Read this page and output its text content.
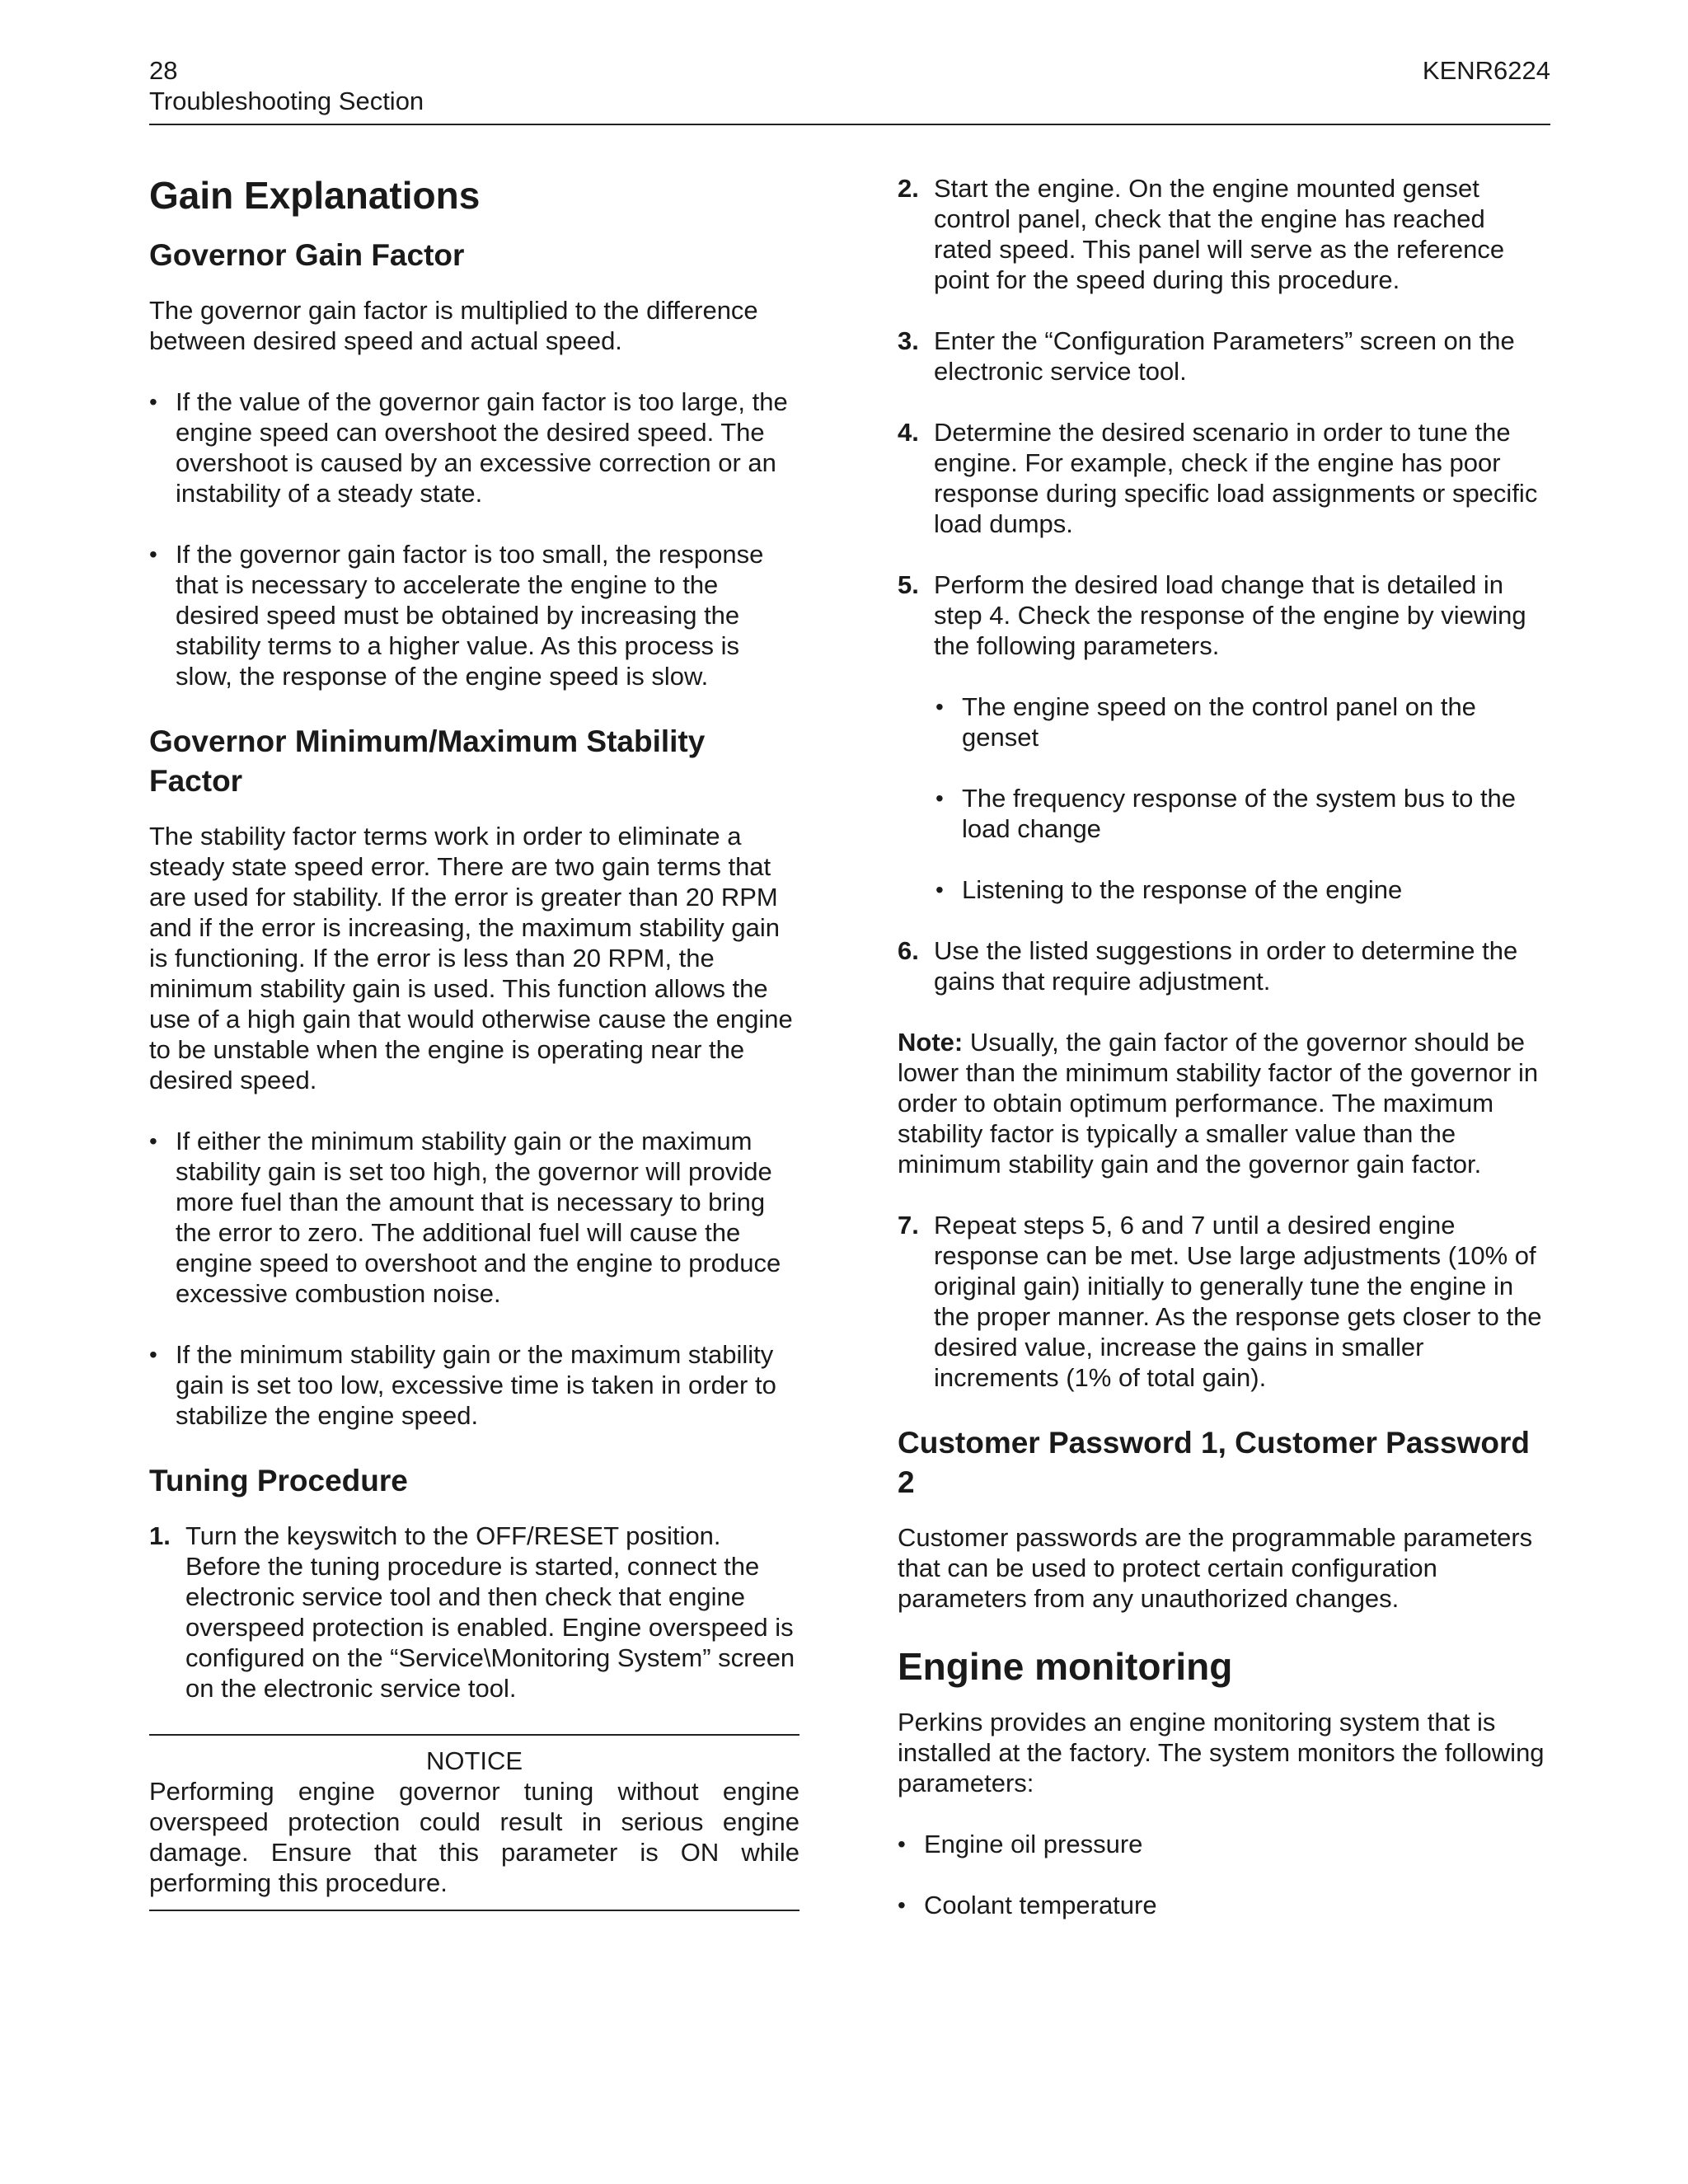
28	KENR6224
Troubleshooting Section
Gain Explanations
Governor Gain Factor

The governor gain factor is multiplied to the difference between desired speed and actual speed.

• If the value of the governor gain factor is too large, the engine speed can overshoot the desired speed. The overshoot is caused by an excessive correction or an instability of a steady state.
• If the governor gain factor is too small, the response that is necessary to accelerate the engine to the desired speed must be obtained by increasing the stability terms to a higher value. As this process is slow, the response of the engine speed is slow.
Governor Minimum/Maximum Stability Factor

The stability factor terms work in order to eliminate a steady state speed error. There are two gain terms that are used for stability. If the error is greater than 20 RPM and if the error is increasing, the maximum stability gain is functioning. If the error is less than 20 RPM, the minimum stability gain is used. This function allows the use of a high gain that would otherwise cause the engine to be unstable when the engine is operating near the desired speed.

• If either the minimum stability gain or the maximum stability gain is set too high, the governor will provide more fuel than the amount that is necessary to bring the error to zero. The additional fuel will cause the engine speed to overshoot and the engine to produce excessive combustion noise.
• If the minimum stability gain or the maximum stability gain is set too low, excessive time is taken in order to stabilize the engine speed.
Tuning Procedure
1. Turn the keyswitch to the OFF/RESET position. Before the tuning procedure is started, connect the electronic service tool and then check that engine overspeed protection is enabled. Engine overspeed is configured on the “Service\Monitoring System” screen on the electronic service tool.
NOTICE
Performing engine governor tuning without engine overspeed protection could result in serious engine damage. Ensure that this parameter is ON while performing this procedure.
2. Start the engine. On the engine mounted genset control panel, check that the engine has reached rated speed. This panel will serve as the reference point for the speed during this procedure.
3. Enter the “Configuration Parameters” screen on the electronic service tool.
4. Determine the desired scenario in order to tune the engine. For example, check if the engine has poor response during specific load assignments or specific load dumps.
5. Perform the desired load change that is detailed in step 4. Check the response of the engine by viewing the following parameters.
• The engine speed on the control panel on the genset
• The frequency response of the system bus to the load change
• Listening to the response of the engine
6. Use the listed suggestions in order to determine the gains that require adjustment.

Note: Usually, the gain factor of the governor should be lower than the minimum stability factor of the governor in order to obtain optimum performance. The maximum stability factor is typically a smaller value than the minimum stability gain and the governor gain factor.

7. Repeat steps 5, 6 and 7 until a desired engine response can be met. Use large adjustments (10% of original gain) initially to generally tune the engine in the proper manner. As the response gets closer to the desired value, increase the gains in smaller increments (1% of total gain).
Customer Password 1, Customer Password 2

Customer passwords are the programmable parameters that can be used to protect certain configuration parameters from any unauthorized changes.

Engine monitoring

Perkins provides an engine monitoring system that is installed at the factory. The system monitors the following parameters:

• Engine oil pressure
• Coolant temperature
